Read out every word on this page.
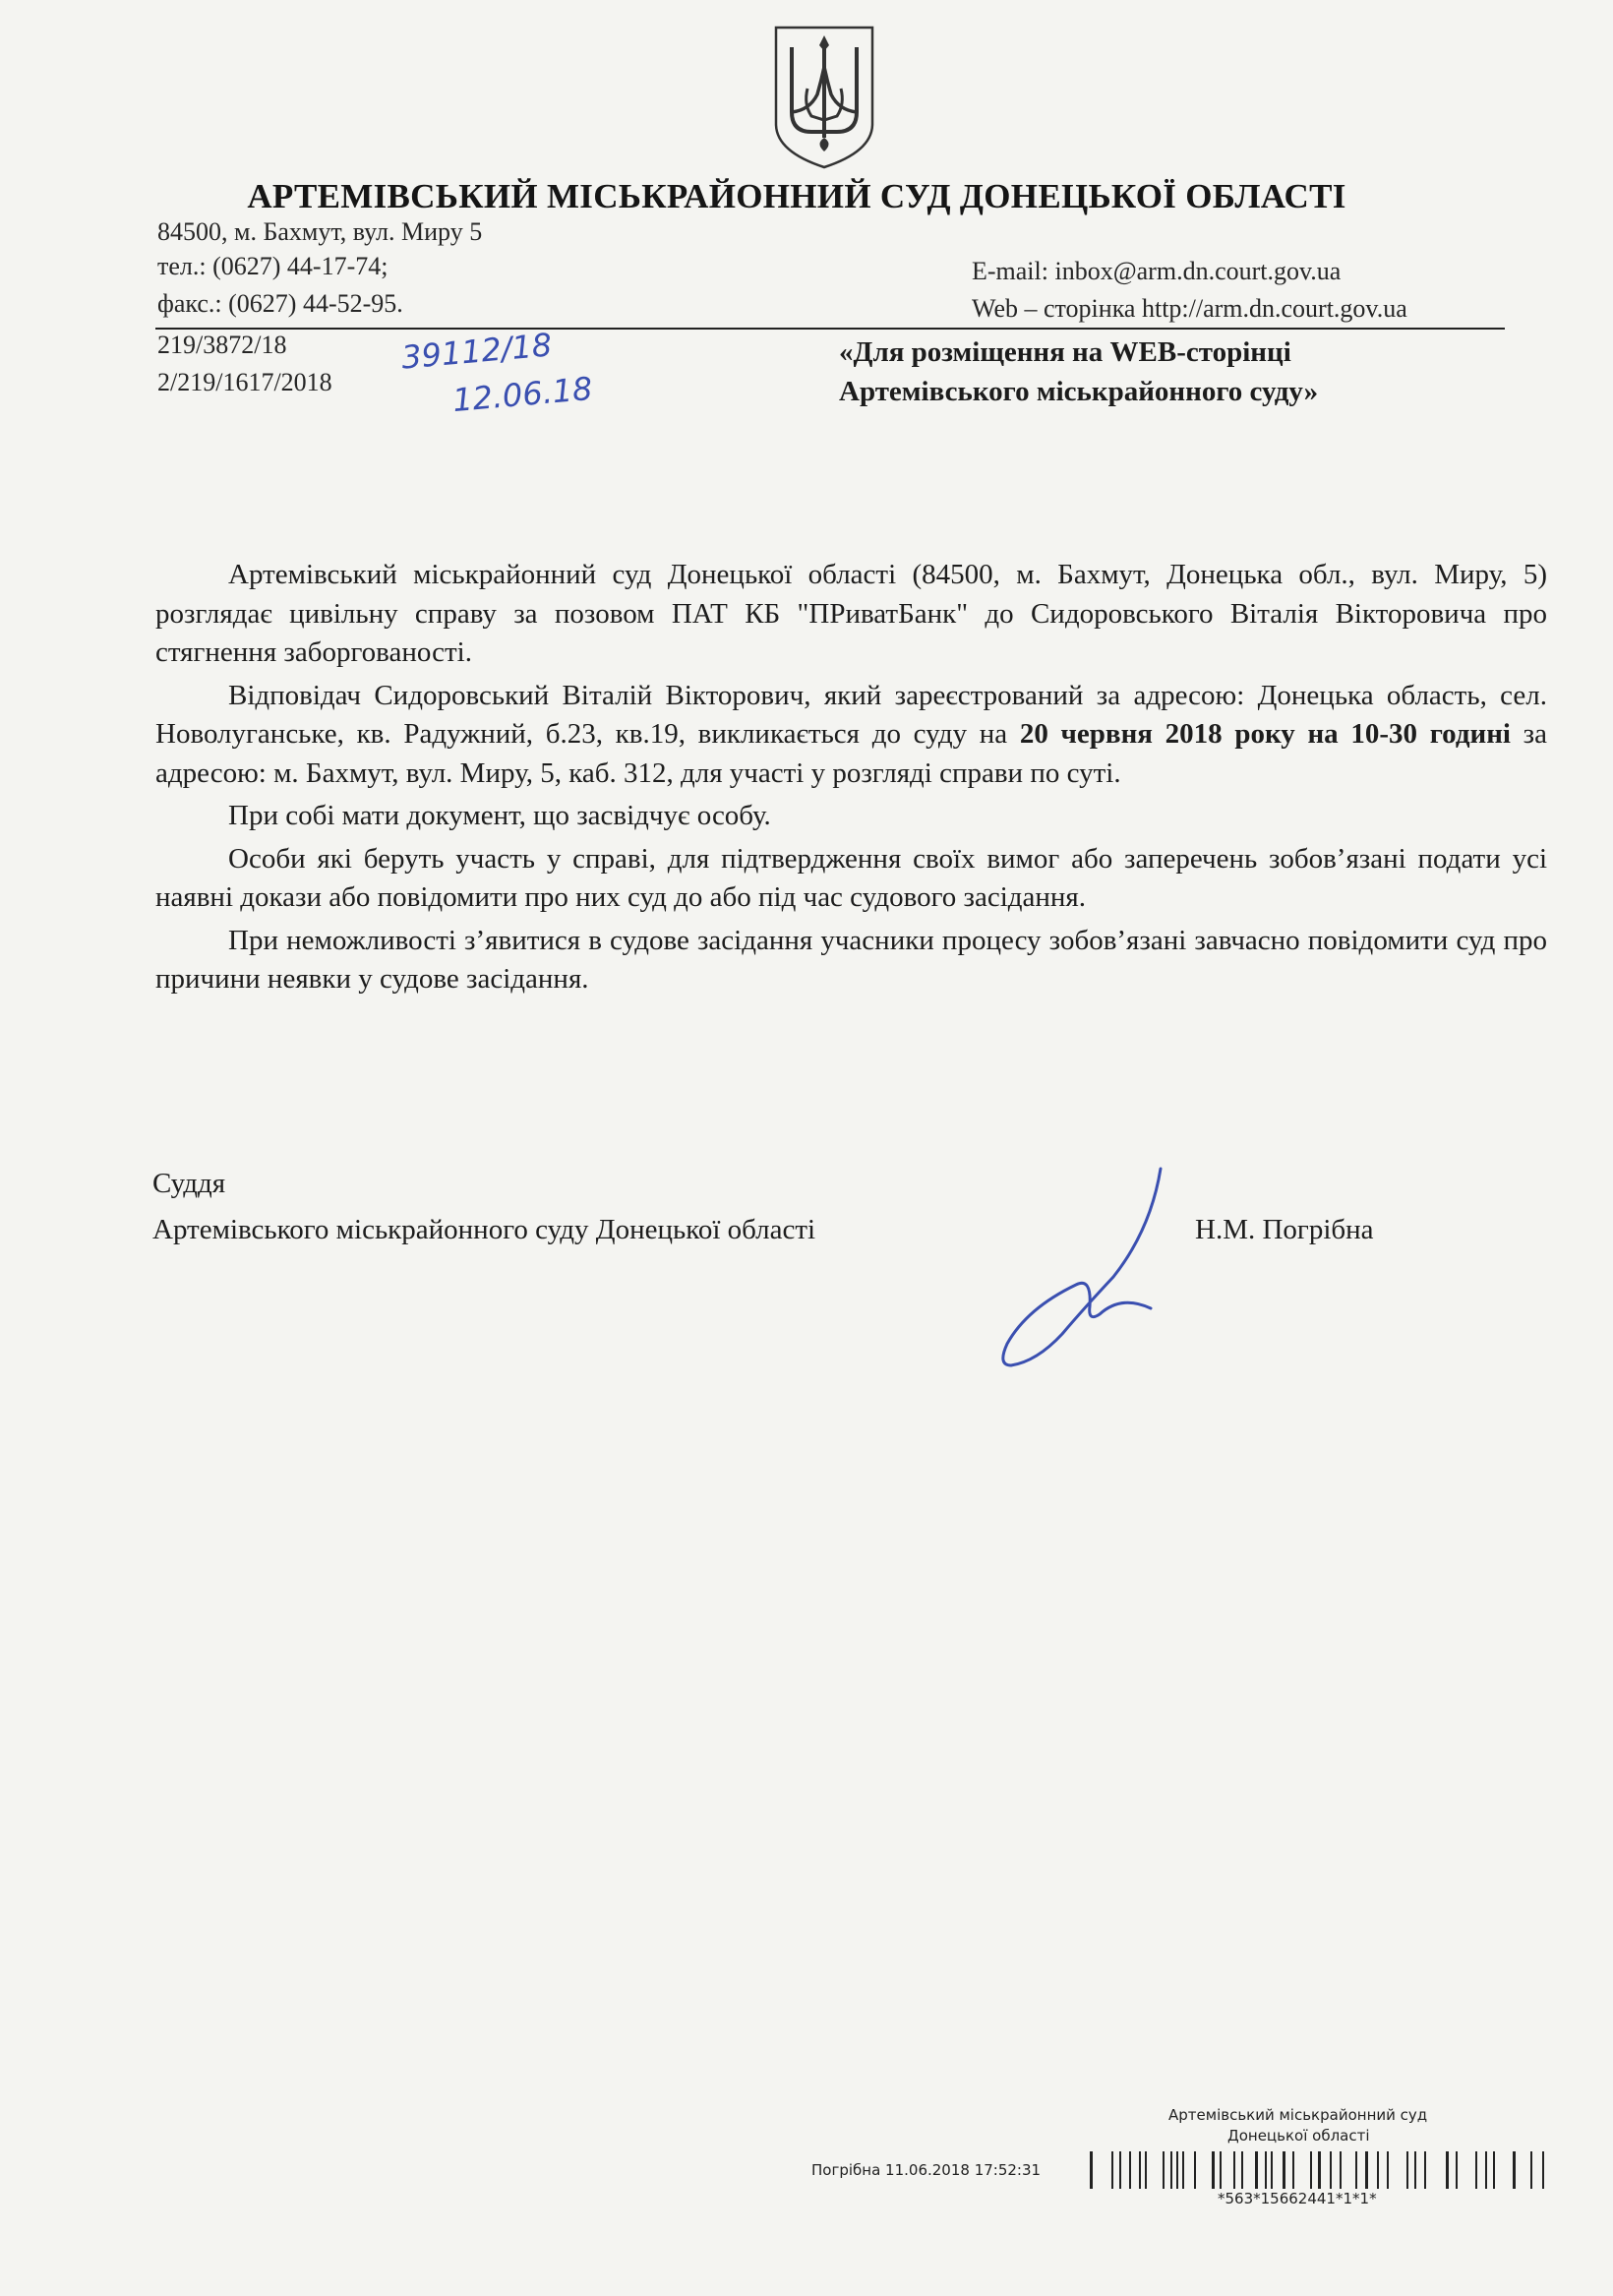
АРТЕМІВСЬКИЙ МІСЬКРАЙОННИЙ СУД ДОНЕЦЬКОЇ ОБЛАСТІ
84500, м. Бахмут, вул. Миру 5
тел.: (0627) 44-17-74;
факс.: (0627) 44-52-95.
E-mail: inbox@arm.dn.court.gov.ua
Web – сторінка http://arm.dn.court.gov.ua
219/3872/18
2/219/1617/2018
39112/18
12.06.18
«Для розміщення на WEB-сторінці
Артемівського міськрайонного суду»

Артемівський міськрайонний суд Донецької області (84500, м. Бахмут, Донецька обл., вул. Миру, 5) розглядає цивільну справу за позовом ПАТ КБ "ПРиватБанк" до Сидоровського Віталія Вікторовича про стягнення заборгованості.

Відповідач Сидоровський Віталій Вікторович, який зареєстрований за адресою: Донецька область, сел. Новолуганське, кв. Радужний, б.23, кв.19, викликається до суду на 20 червня 2018 року на 10-30 годині за адресою: м. Бахмут, вул. Миру, 5, каб. 312, для участі у розгляді справи по суті.

При собі мати документ, що засвідчує особу.

Особи які беруть участь у справі, для підтвердження своїх вимог або заперечень зобов’язані подати усі наявні докази або повідомити про них суд до або під час судового засідання.

При неможливості з’явитися в судове засідання учасники процесу зобов’язані завчасно повідомити суд про причини неявки у судове засідання.

Суддя
Артемівського міськрайонного суду Донецької області	Н.М. Погрібна
Артемівський міськрайонний суд
Донецької області
Погрібна 11.06.2018 17:52:31
*563*15662441*1*1*
